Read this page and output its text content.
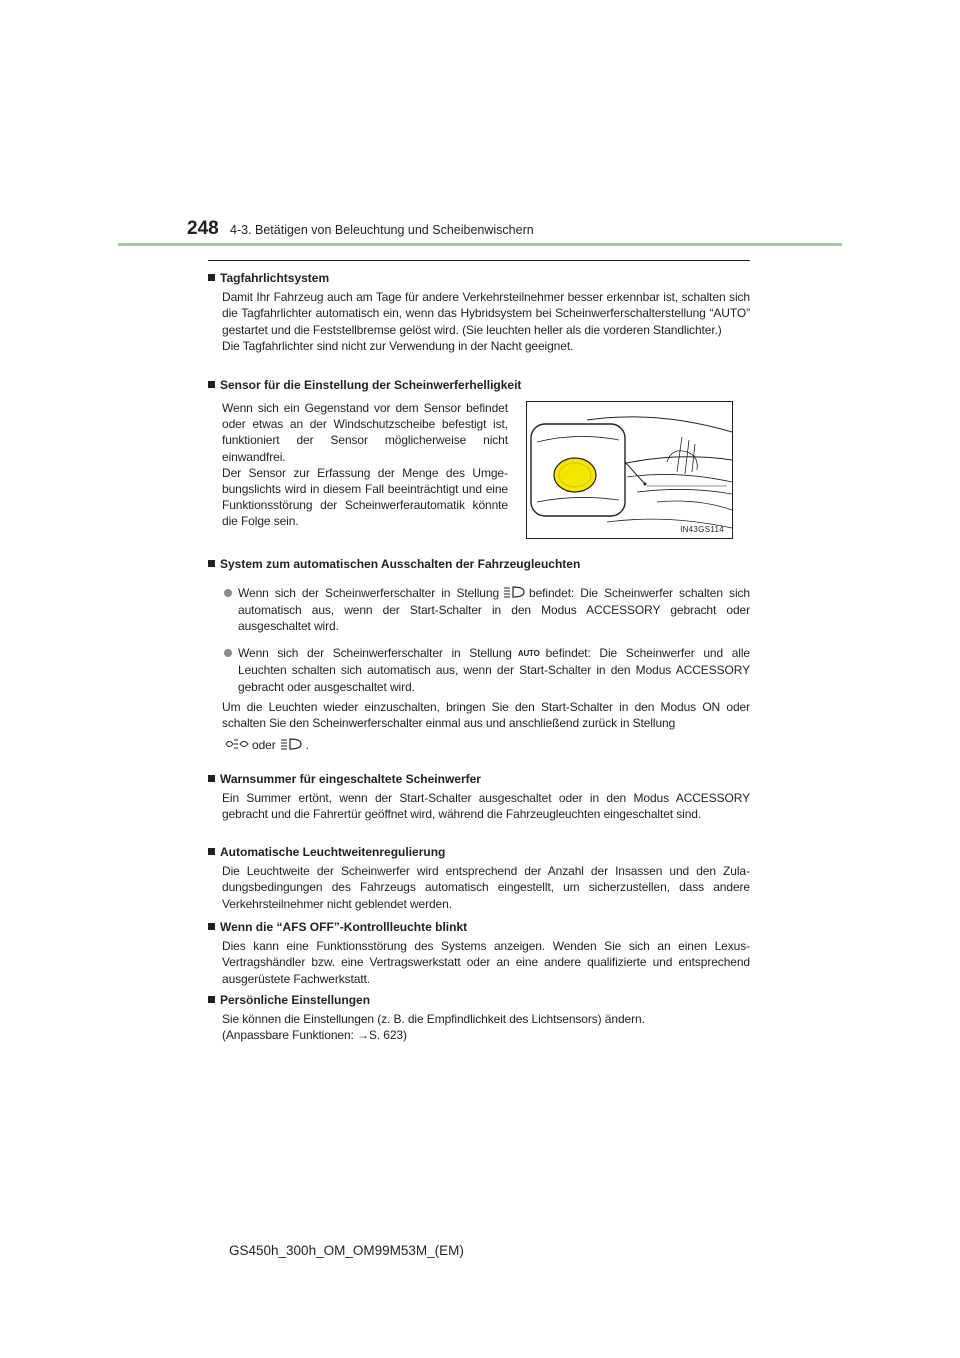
248 4-3. Betätigen von Beleuchtung und Scheibenwischern
Tagfahrlichtsystem
Damit Ihr Fahrzeug auch am Tage für andere Verkehrsteilnehmer besser erkennbar ist, schalten sich die Tagfahrlichter automatisch ein, wenn das Hybridsystem bei Scheinwerferschalterstellung “AUTO” gestartet und die Feststellbremse gelöst wird. (Sie leuchten heller als die vorderen Standlichter.)
Die Tagfahrlichter sind nicht zur Verwendung in der Nacht geeignet.
Sensor für die Einstellung der Scheinwerferhelligkeit
Wenn sich ein Gegenstand vor dem Sensor befindet oder etwas an der Windschutzscheibe befestigt ist, funktioniert der Sensor möglicherweise nicht einwandfrei.
Der Sensor zur Erfassung der Menge des Umgebungslichts wird in diesem Fall beeinträchtigt und eine Funktionsstörung der Scheinwerferautomatik könnte die Folge sein.
IN43GS114
System zum automatischen Ausschalten der Fahrzeugleuchten
Wenn sich der Scheinwerferschalter in Stellung	befindet: Die Scheinwerfer schalten sich automatisch aus, wenn der Start-Schalter in den Modus ACCESSORY gebracht oder ausgeschaltet wird.
Wenn sich der Scheinwerferschalter in Stellung AUTO befindet: Die Scheinwerfer und alle Leuchten schalten sich automatisch aus, wenn der Start-Schalter in den Modus ACCESSORY gebracht oder ausgeschaltet wird.
Um die Leuchten wieder einzuschalten, bringen Sie den Start-Schalter in den Modus ON oder schalten Sie den Scheinwerferschalter einmal aus und anschließend zurück in Stellung
oder	.
Warnsummer für eingeschaltete Scheinwerfer
Ein Summer ertönt, wenn der Start-Schalter ausgeschaltet oder in den Modus ACCESSORY gebracht und die Fahrertür geöffnet wird, während die Fahrzeugleuchten eingeschaltet sind.
Automatische Leuchtweitenregulierung
Die Leuchtweite der Scheinwerfer wird entsprechend der Anzahl der Insassen und den Zuladungsbedingungen des Fahrzeugs automatisch eingestellt, um sicherzustellen, dass andere Verkehrsteilnehmer nicht geblendet werden.
Wenn die “AFS OFF”-Kontrollleuchte blinkt
Dies kann eine Funktionsstörung des Systems anzeigen. Wenden Sie sich an einen Lexus-Vertragshändler bzw. eine Vertragswerkstatt oder an eine andere qualifizierte und entsprechend ausgerüstete Fachwerkstatt.
Persönliche Einstellungen
Sie können die Einstellungen (z. B. die Empfindlichkeit des Lichtsensors) ändern.
(Anpassbare Funktionen: →S. 623)
GS450h_300h_OM_OM99M53M_(EM)
